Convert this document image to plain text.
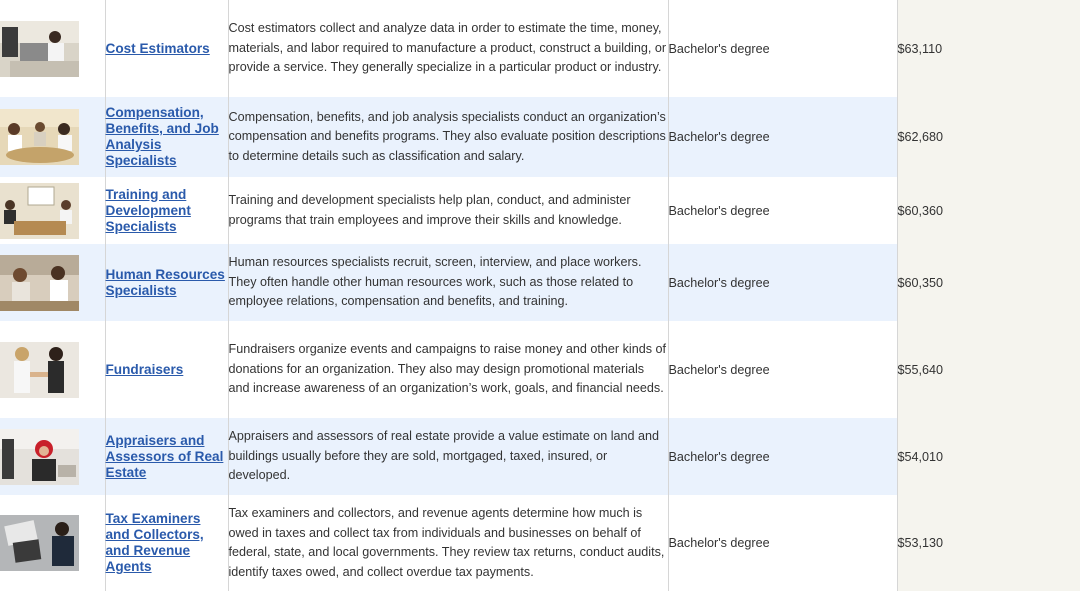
Cost Estimators	Cost estimators collect and analyze data in order to estimate the time, money, materials, and labor required to manufacture a product, construct a building, or provide a service. They generally specialize in a particular product or industry.	Bachelor's degree	$63,110

Compensation, Benefits, and Job Analysis Specialists	Compensation, benefits, and job analysis specialists conduct an organization’s compensation and benefits programs. They also evaluate position descriptions to determine details such as classification and salary.	Bachelor's degree	$62,680

Training and Development Specialists	Training and development specialists help plan, conduct, and administer programs that train employees and improve their skills and knowledge.	Bachelor's degree	$60,360

Human Resources Specialists	Human resources specialists recruit, screen, interview, and place workers. They often handle other human resources work, such as those related to employee relations, compensation and benefits, and training.	Bachelor's degree	$60,350

Fundraisers	Fundraisers organize events and campaigns to raise money and other kinds of donations for an organization. They also may design promotional materials and increase awareness of an organization’s work, goals, and financial needs.	Bachelor's degree	$55,640

Appraisers and Assessors of Real Estate	Appraisers and assessors of real estate provide a value estimate on land and buildings usually before they are sold, mortgaged, taxed, insured, or developed.	Bachelor's degree	$54,010

Tax Examiners and Collectors, and Revenue Agents	Tax examiners and collectors, and revenue agents determine how much is owed in taxes and collect tax from individuals and businesses on behalf of federal, state, and local governments. They review tax returns, conduct audits, identify taxes owed, and collect overdue tax payments.	Bachelor's degree	$53,130
